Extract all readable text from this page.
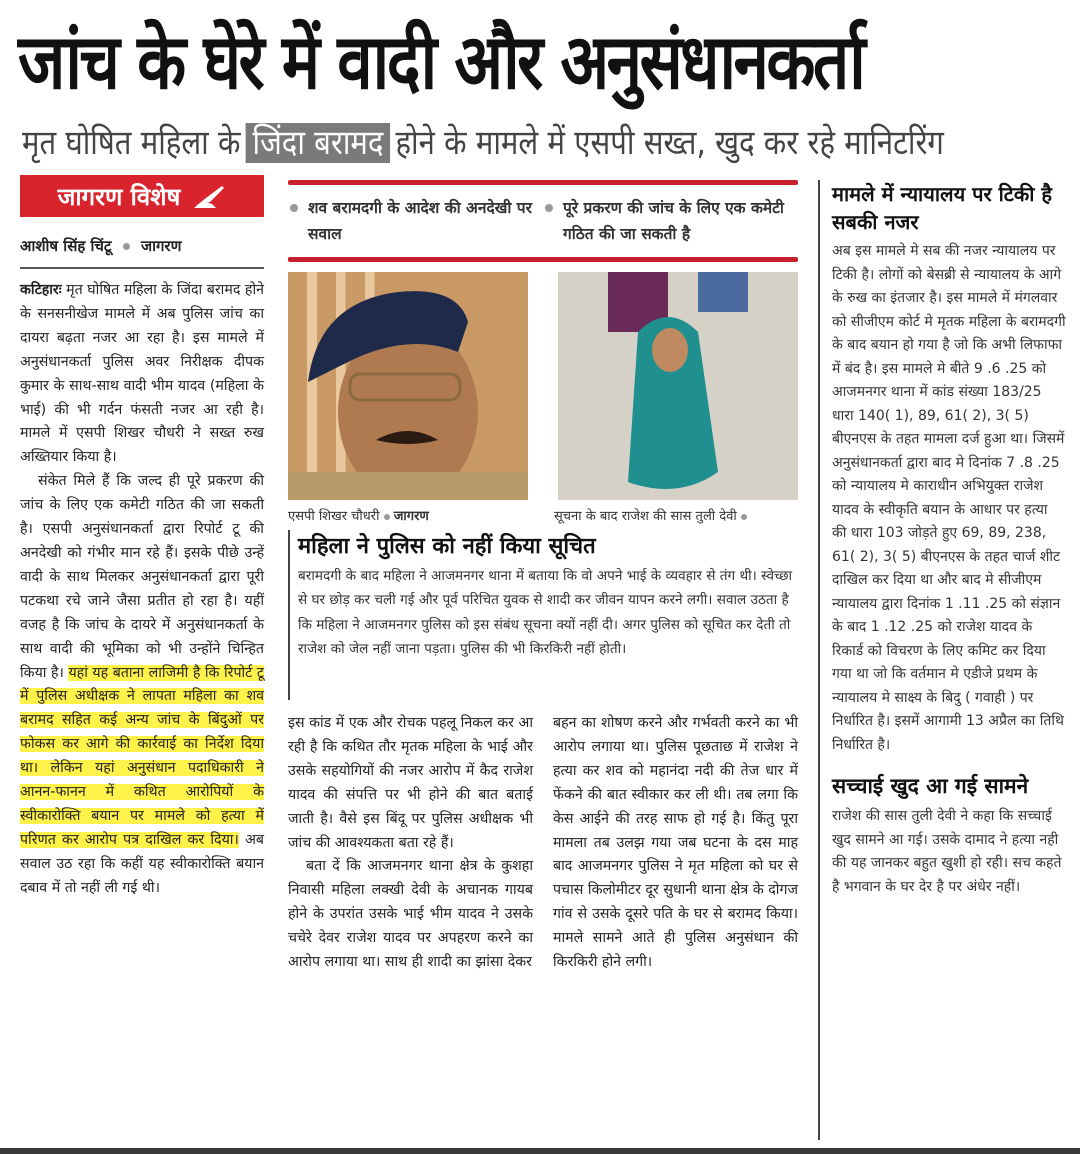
जांच के घेरे में वादी और अनुसंधानकर्ता
मृत घोषित महिला के जिंदा बरामद होने के मामले में एसपी सख्त, खुद कर रहे मानिटरिंग
जागरण विशेष
आशीष सिंह चिंटू जागरण

कटिहारः मृत घोषित महिला के जिंदा बरामद होने के सनसनीखेज मामले में अब पुलिस जांच का दायरा बढ़ता नजर आ रहा है। इस मामले में अनुसंधानकर्ता पुलिस अवर निरीक्षक दीपक कुमार के साथ-साथ वादी भीम यादव (महिला के भाई) की भी गर्दन फंसती नजर आ रही है। मामले में एसपी शिखर चौधरी ने सख्त रुख अख्तियार किया है।

संकेत मिले हैं कि जल्द ही पूरे प्रकरण की जांच के लिए एक कमेटी गठित की जा सकती है। एसपी अनुसंधानकर्ता द्वारा रिपोर्ट टू की अनदेखी को गंभीर मान रहे हैं। इसके पीछे उन्हें वादी के साथ मिलकर अनुसंधानकर्ता द्वारा पूरी पटकथा रचे जाने जैसा प्रतीत हो रहा है। यहीं वजह है कि जांच के दायरे में अनुसंधानकर्ता के साथ वादी की भूमिका को भी उन्होंने चिन्हित किया है। यहां यह बताना लाजिमी है कि रिपोर्ट टू में पुलिस अधीक्षक ने लापता महिला का शव बरामद सहित कई अन्य जांच के बिंदुओं पर फोकस कर आगे की कार्रवाई का निर्देश दिया था। लेकिन यहां अनुसंधान पदाधिकारी ने आनन-फानन में कथित आरोपियों के स्वीकारोक्ति बयान पर मामले को हत्या में परिणत कर आरोप पत्र दाखिल कर दिया। अब सवाल उठ रहा कि कहीं यह स्वीकारोक्ति बयान दबाव में तो नहीं ली गई थी।

शव बरामदगी के आदेश की अनदेखी पर सवाल
पूरे प्रकरण की जांच के लिए एक कमेटी गठित की जा सकती है
एसपी शिखर चौधरी जागरण	सूचना के बाद राजेश की सास तुली देवी
महिला ने पुलिस को नहीं किया सूचित
बरामदगी के बाद महिला ने आजमनगर थाना में बताया कि वो अपने भाई के व्यवहार से तंग थी। स्वेच्छा से घर छोड़ कर चली गई और पूर्व परिचित युवक से शादी कर जीवन यापन करने लगी। सवाल उठता है कि महिला ने आजमनगर पुलिस को इस संबंध सूचना क्यों नहीं दी। अगर पुलिस को सूचित कर देती तो राजेश को जेल नहीं जाना पड़ता। पुलिस की भी किरकिरी नहीं होती।

इस कांड में एक और रोचक पहलू निकल कर आ रही है कि कथित तौर मृतक महिला के भाई और उसके सहयोगियों की नजर आरोप में कैद राजेश यादव की संपत्ति पर भी होने की बात बताई जाती है। वैसे इस बिंदू पर पुलिस अधीक्षक भी जांच की आवश्यकता बता रहे हैं।

बता दें कि आजमनगर थाना क्षेत्र के कुशहा निवासी महिला लक्खी देवी के अचानक गायब होने के उपरांत उसके भाई भीम यादव ने उसके चचेरे देवर राजेश यादव पर अपहरण करने का आरोप लगाया था। साथ ही शादी का झांसा देकर

बहन का शोषण करने और गर्भवती करने का भी आरोप लगाया था। पुलिस पूछताछ में राजेश ने हत्या कर शव को महानंदा नदी की तेज धार में फेंकने की बात स्वीकार कर ली थी। तब लगा कि केस आईने की तरह साफ हो गई है। किंतु पूरा मामला तब उलझ गया जब घटना के दस माह बाद आजमनगर पुलिस ने मृत महिला को घर से पचास किलोमीटर दूर सुधानी थाना क्षेत्र के दोगज गांव से उसके दूसरे पति के घर से बरामद किया। मामले सामने आते ही पुलिस अनुसंधान की किरकिरी होने लगी।

मामले में न्यायालय पर टिकी है सबकी नजर
अब इस मामले मे सब की नजर न्यायालय पर टिकी है। लोगों को बेसब्री से न्यायालय के आगे के रुख का इंतजार है। इस मामले में मंगलवार को सीजीएम कोर्ट मे मृतक महिला के बरामदगी के बाद बयान हो गया है जो कि अभी लिफाफा में बंद है। इस मामले मे बीते 9 .6 .25 को आजमनगर थाना में कांड संख्या 183/25 धारा 140( 1), 89, 61( 2), 3( 5) बीएनएस के तहत मामला दर्ज हुआ था। जिसमें अनुसंधानकर्ता द्वारा बाद मे दिनांक 7 .8 .25 को न्यायालय मे काराधीन अभियुक्त राजेश यादव के स्वीकृति बयान के आधार पर हत्या की धारा 103 जोड़ते हुए 69, 89, 238, 61( 2), 3( 5) बीएनएस के तहत चार्ज शीट दाखिल कर दिया था और बाद मे सीजीएम न्यायालय द्वारा दिनांक 1 .11 .25 को संज्ञान के बाद 1 .12 .25 को राजेश यादव के रिकार्ड को विचरण के लिए कमिट कर दिया गया था जो कि वर्तमान मे एडीजे प्रथम के न्यायालय मे साक्ष्य के बिदु ( गवाही ) पर निर्धारित है। इसमें आगामी 13 अप्रैल का तिथि निर्धारित है।
सच्चाई खुद आ गई सामने
राजेश की सास तुली देवी ने कहा कि सच्चाई खुद सामने आ गई। उसके दामाद ने हत्या नही की यह जानकर बहुत खुशी हो रही। सच कहते है भगवान के घर देर है पर अंधेर नहीं।
